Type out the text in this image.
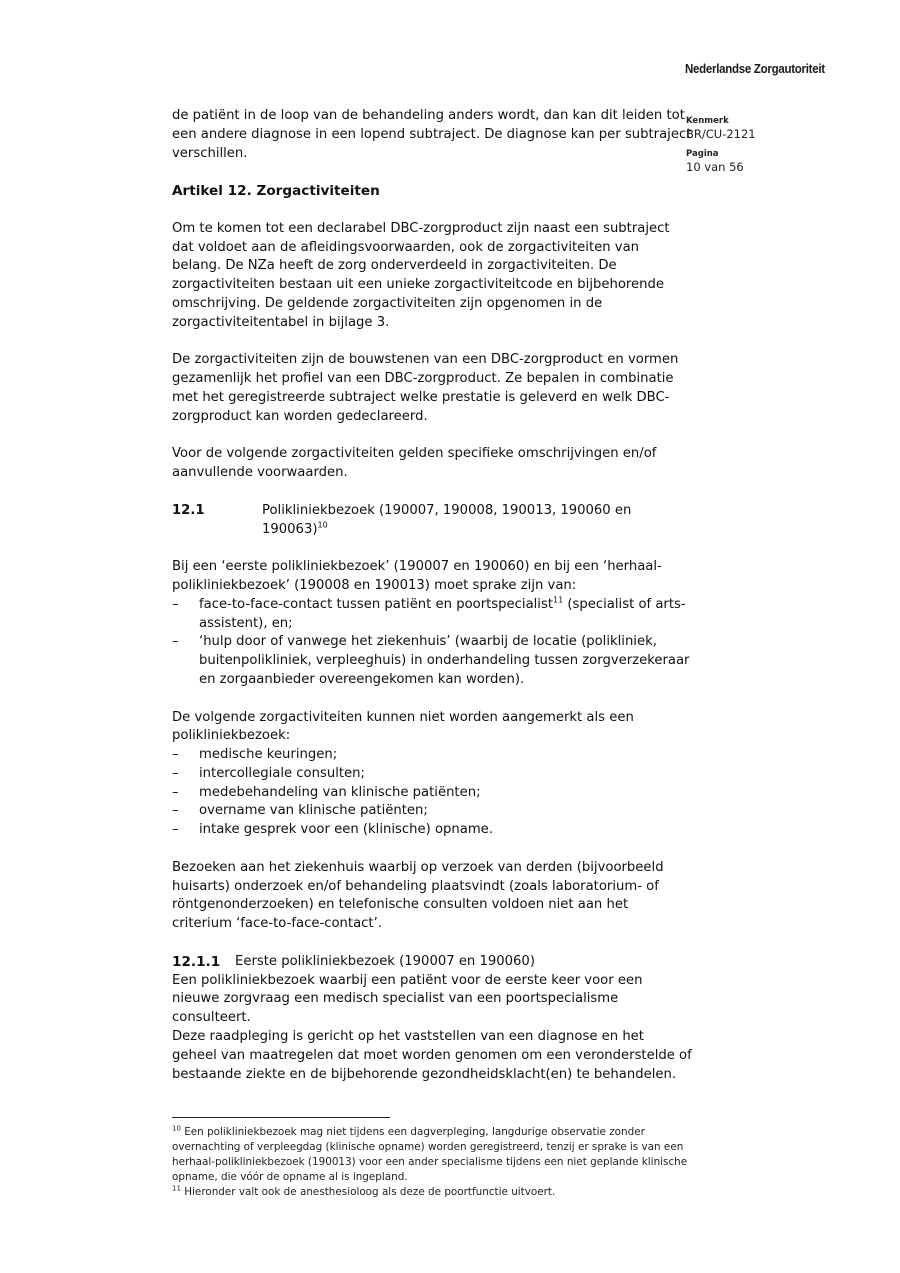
Nederlandse Zorgautoriteit
Kenmerk
BR/CU-2121
Pagina
10 van 56

de patiënt in de loop van de behandeling anders wordt, dan kan dit leiden tot een andere diagnose in een lopend subtraject. De diagnose kan per subtraject verschillen.

Artikel 12. Zorgactiviteiten

Om te komen tot een declarabel DBC-zorgproduct zijn naast een subtraject dat voldoet aan de afleidingsvoorwaarden, ook de zorgactiviteiten van belang. De NZa heeft de zorg onderverdeeld in zorgactiviteiten. De zorgactiviteiten bestaan uit een unieke zorgactiviteitcode en bijbehorende omschrijving. De geldende zorgactiviteiten zijn opgenomen in de zorgactiviteitentabel in bijlage 3.

De zorgactiviteiten zijn de bouwstenen van een DBC-zorgproduct en vormen gezamenlijk het profiel van een DBC-zorgproduct. Ze bepalen in combinatie met het geregistreerde subtraject welke prestatie is geleverd en welk DBC-zorgproduct kan worden gedeclareerd.

Voor de volgende zorgactiviteiten gelden specifieke omschrijvingen en/of aanvullende voorwaarden.

12.1	Polikliniekbezoek (190007, 190008, 190013, 190060 en 190063)$^{10}$

Bij een ‘eerste polikliniekbezoek’ (190007 en 190060) en bij een ‘herhaal-polikliniekbezoek’ (190008 en 190013) moet sprake zijn van:

– face-to-face-contact tussen patiënt en poortspecialist$^{11}$ (specialist of arts-assistent), en;
– ‘hulp door of vanwege het ziekenhuis’ (waarbij de locatie (polikliniek, buitenpolikliniek, verpleeghuis) in onderhandeling tussen zorgverzekeraar en zorgaanbieder overeengekomen kan worden).

De volgende zorgactiviteiten kunnen niet worden aangemerkt als een polikliniekbezoek:

– medische keuringen;
– intercollegiale consulten;
– medebehandeling van klinische patiënten;
– overname van klinische patiënten;
– intake gesprek voor een (klinische) opname.

Bezoeken aan het ziekenhuis waarbij op verzoek van derden (bijvoorbeeld huisarts) onderzoek en/of behandeling plaatsvindt (zoals laboratorium- of röntgenonderzoeken) en telefonische consulten voldoen niet aan het criterium ‘face-to-face-contact’.

12.1.1	Eerste polikliniekbezoek (190007 en 190060)

Een polikliniekbezoek waarbij een patiënt voor de eerste keer voor een nieuwe zorgvraag een medisch specialist van een poortspecialisme consulteert.

Deze raadpleging is gericht op het vaststellen van een diagnose en het geheel van maatregelen dat moet worden genomen om een veronderstelde of bestaande ziekte en de bijbehorende gezondheidsklacht(en) te behandelen.

$^{10}$ Een polikliniekbezoek mag niet tijdens een dagverpleging, langdurige observatie zonder overnachting of verpleegdag (klinische opname) worden geregistreerd, tenzij er sprake is van een herhaal-polikliniekbezoek (190013) voor een ander specialisme tijdens een niet geplande klinische opname, die vóór de opname al is ingepland.

$^{11}$ Hieronder valt ook de anesthesioloog als deze de poortfunctie uitvoert.
